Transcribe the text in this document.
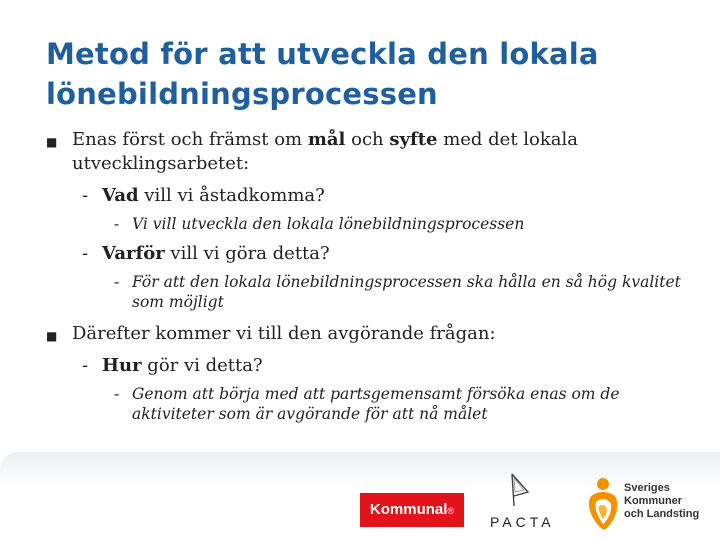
Metod för att utveckla den lokala lönebildningsprocessen
■ Enas först och främst om mål och syfte med det lokala utvecklingsarbetet:
- Vad vill vi åstadkomma?
- Vi vill utveckla den lokala lönebildningsprocessen
- Varför vill vi göra detta?
- För att den lokala lönebildningsprocessen ska hålla en så hög kvalitet som möjligt
■ Därefter kommer vi till den avgörande frågan:
- Hur gör vi detta?
- Genom att börja med att partsgemensamt försöka enas om de aktiviteter som är avgörande för att nå målet
Kommunal®
PACTA
Sveriges
Kommuner
och Landsting
